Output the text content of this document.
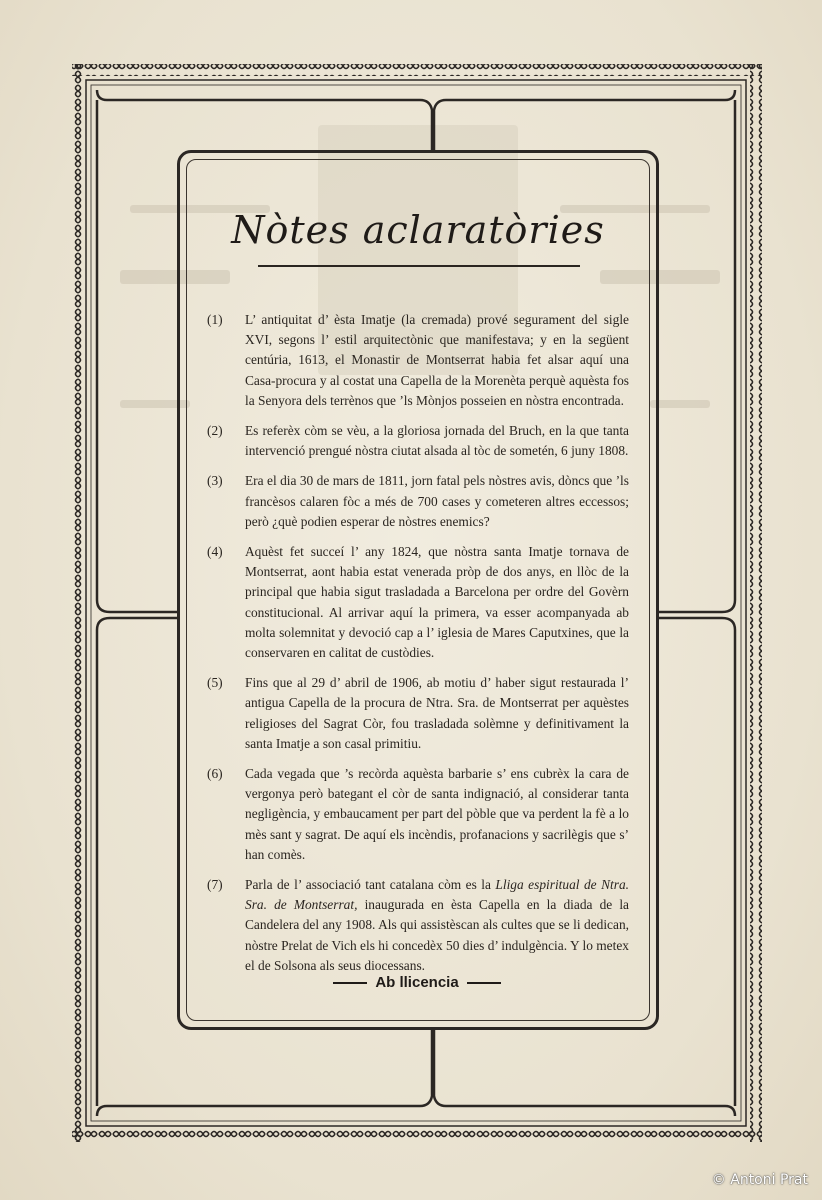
Nòtes aclaratòries
(1)	L’ antiquitat d’ èsta Imatje (la cremada) prové segurament del sigle XVI, segons l’ estil arquitectònic que manifestava; y en la següent centúria, 1613, el Monastir de Montserrat habia fet alsar aquí una Casa-procura y al costat una Capella de la Morenèta perquè aquèsta fos la Senyora dels terrènos que ’ls Mònjos posseien en nòstra encontrada.
(2)	Es referèx còm se vèu, a la gloriosa jornada del Bruch, en la que tanta intervenció prengué nòstra ciutat alsada al tòc de sometén, 6 juny 1808.
(3)	Era el dia 30 de mars de 1811, jorn fatal pels nòstres avis, dòncs que ’ls francèsos calaren fòc a més de 700 cases y cometeren altres eccessos; però ¿què podien esperar de nòstres enemics?
(4)	Aquèst fet succeí l’ any 1824, que nòstra santa Imatje tornava de Montserrat, aont habia estat venerada pròp de dos anys, en llòc de la principal que habia sigut trasladada a Barcelona per ordre del Govèrn constitucional. Al arrivar aquí la primera, va esser acompanyada ab molta solemnitat y devoció cap a l’ iglesia de Mares Caputxines, que la conservaren en calitat de custòdies.
(5)	Fins que al 29 d’ abril de 1906, ab motiu d’ haber sigut restaurada l’ antigua Capella de la procura de Ntra. Sra. de Montserrat per aquèstes religioses del Sagrat Còr, fou trasladada solèmne y definitivament la santa Imatje a son casal primitiu.
(6)	Cada vegada que ’s recòrda aquèsta barbarie s’ ens cubrèx la cara de vergonya però bategant el còr de santa indignació, al considerar tanta negligència, y embaucament per part del pòble que va perdent la fè a lo mès sant y sagrat. De aquí els incèndis, profanacions y sacrilègis que s’ han comès.
(7)	Parla de l’ associació tant catalana còm es la Lliga espiritual de Ntra. Sra. de Montserrat, inaugurada en èsta Capella en la diada de la Candelera del any 1908. Als qui assistèscan als cultes que se li dedican, nòstre Prelat de Vich els hi concedèx 50 dies d’ indulgència. Y lo metex el de Solsona als seus diocessans.
Ab llicencia
© Antoni Prat
